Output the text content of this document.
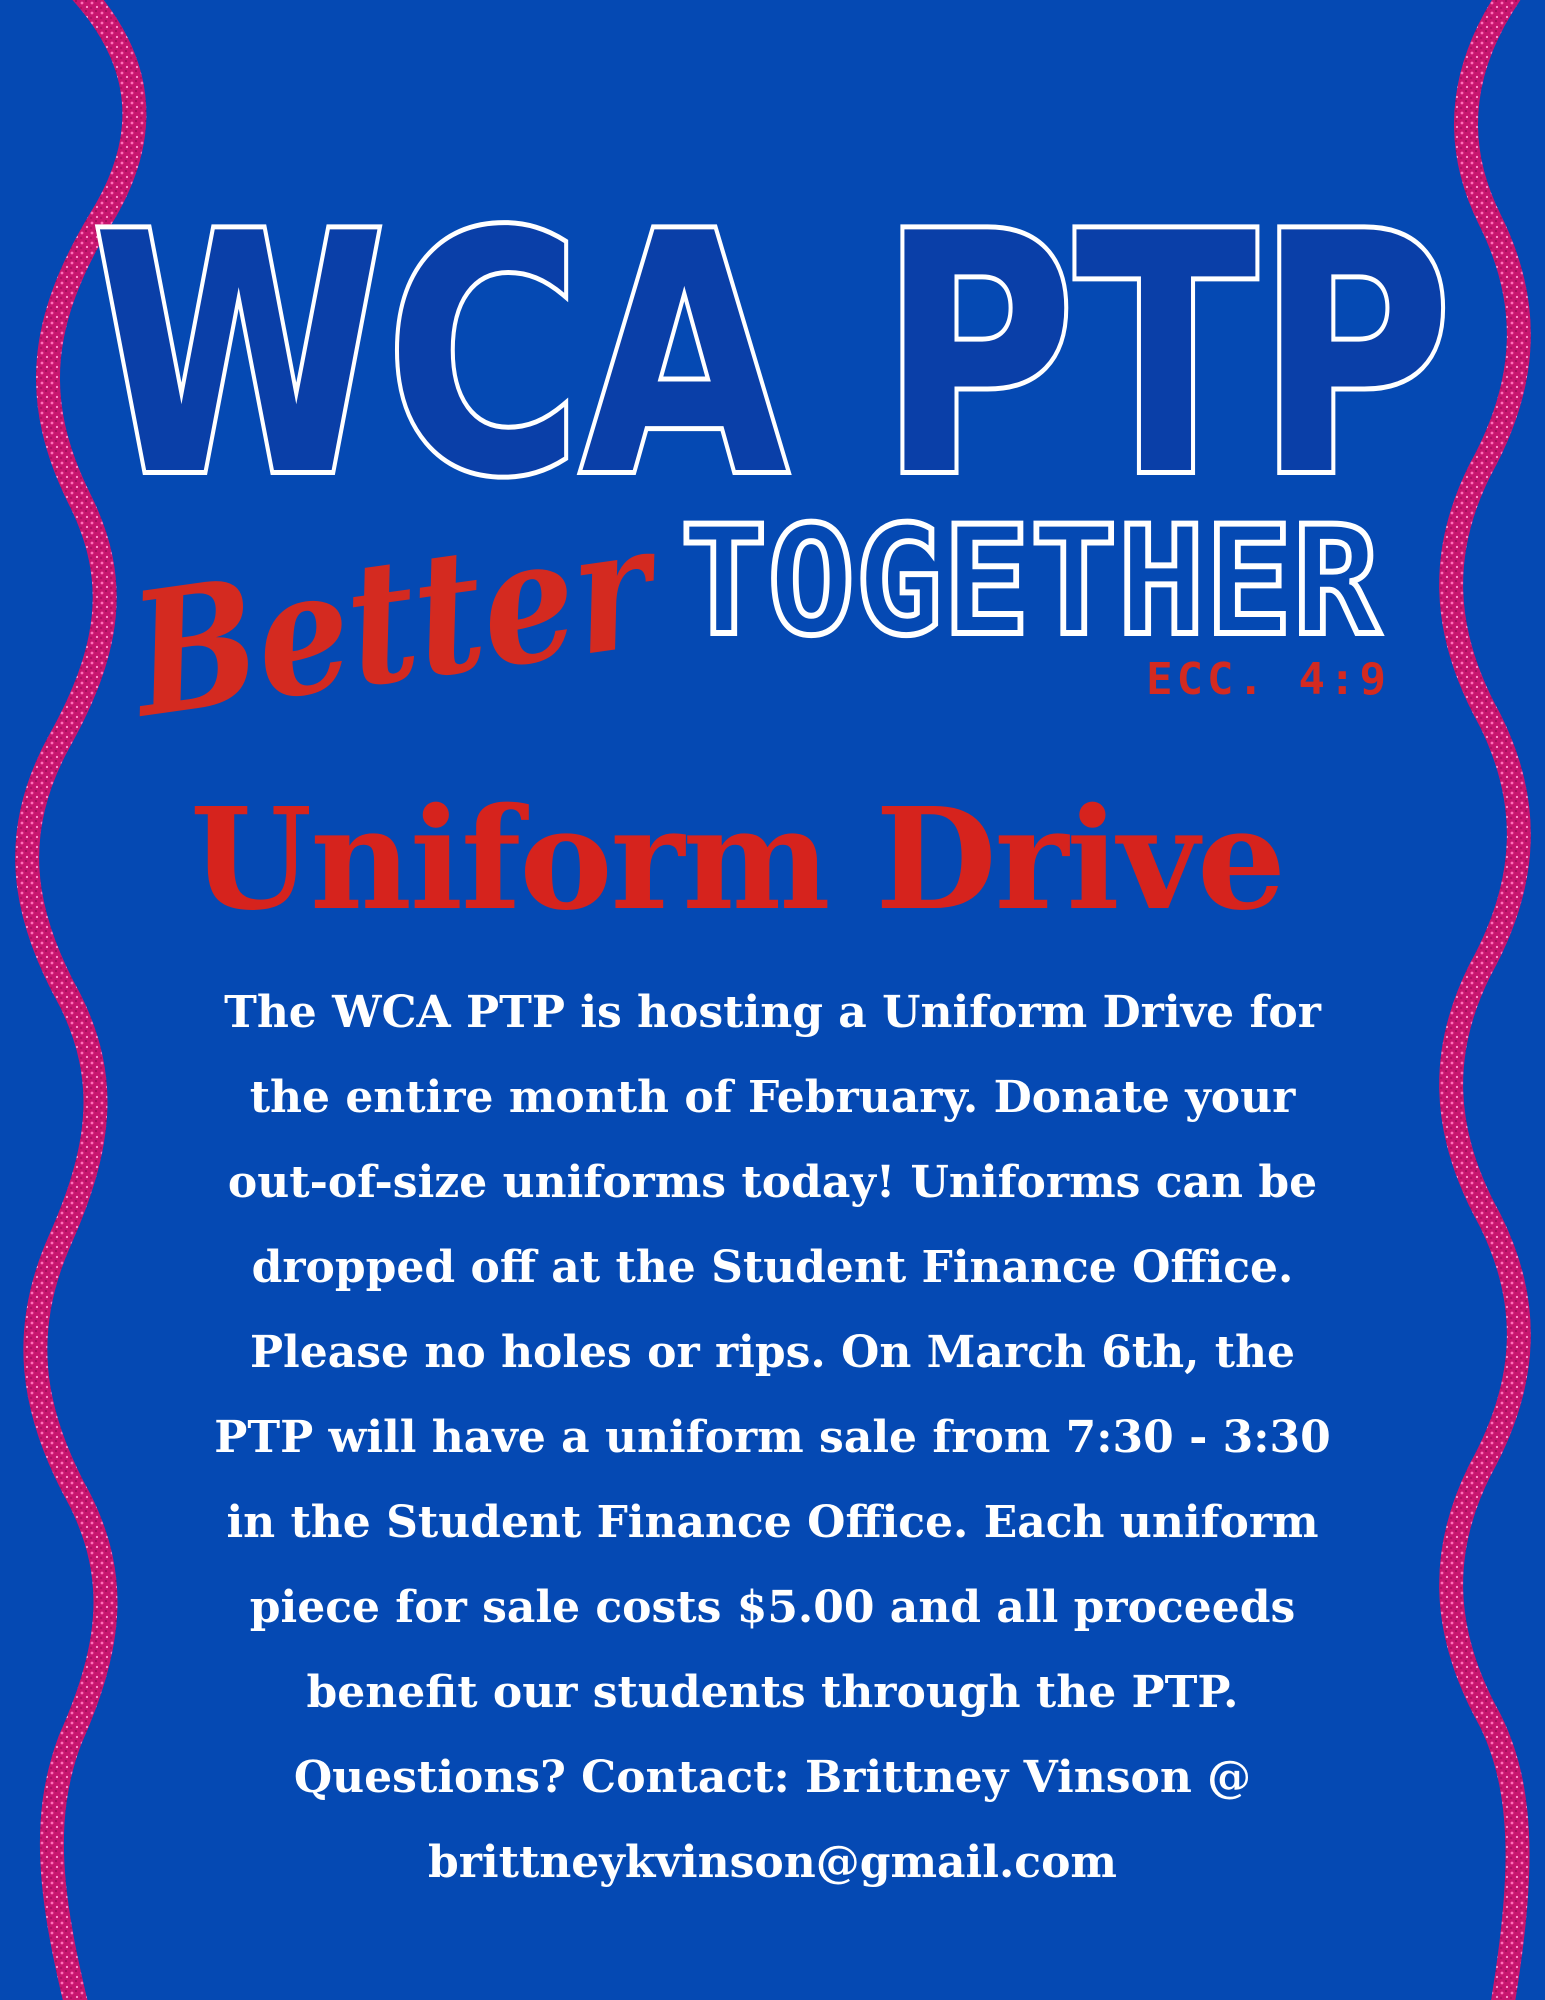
WCA PTP
TOGETHER
Better	ECC. 4:9
Uniform Drive
The WCA PTP is hosting a Uniform Drive for
the entire month of February. Donate your
out-of-size uniforms today! Uniforms can be
dropped off at the Student Finance Office.
Please no holes or rips. On March 6th, the
PTP will have a uniform sale from 7:30 - 3:30
in the Student Finance Office. Each uniform
piece for sale costs $5.00 and all proceeds
benefit our students through the PTP.
Questions? Contact: Brittney Vinson @
brittneykvinson@gmail.com
